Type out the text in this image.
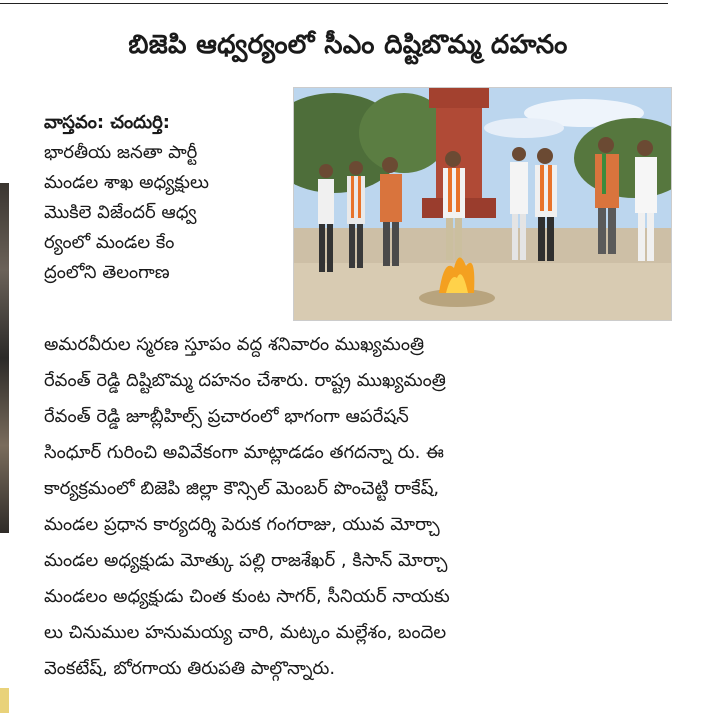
బిజెపి ఆధ్వర్యంలో సీఎం దిష్టిబొమ్మ దహనం
వాస్తవం: చందుర్తి:
భారతీయ జనతా పార్టీ
మండల శాఖ అధ్యక్షులు
మొకిలె విజేందర్ ఆధ్వ
ర్యంలో మండల కేం
ద్రంలోని తెలంగాణ
అమరవీరుల స్మరణ స్తూపం వద్ద శనివారం ముఖ్యమంత్రి
రేవంత్ రెడ్డి దిష్టిబొమ్మ దహనం చేశారు. రాష్ట్ర ముఖ్యమంత్రి
రేవంత్ రెడ్డి జూబ్లీహిల్స్ ప్రచారంలో భాగంగా ఆపరేషన్
సింధూర్ గురించి అవివేకంగా మాట్లాడడం తగదన్నా రు. ఈ
కార్యక్రమంలో బిజెపి జిల్లా కౌన్సిల్ మెంబర్ పొంచెట్టి రాకేష్,
మండల ప్రధాన కార్యదర్శి పెరుక గంగరాజు, యువ మోర్చా
మండల అధ్యక్షుడు మోత్కు పల్లి రాజశేఖర్ , కిసాన్ మోర్చా
మండలం అధ్యక్షుడు చింత కుంట సాగర్, సీనియర్ నాయకు
లు చినుముల హనుమయ్య చారి, మట్కం మల్లేశం, బందెల
వెంకటేష్, బోరగాయ తిరుపతి పాల్గొన్నారు.
